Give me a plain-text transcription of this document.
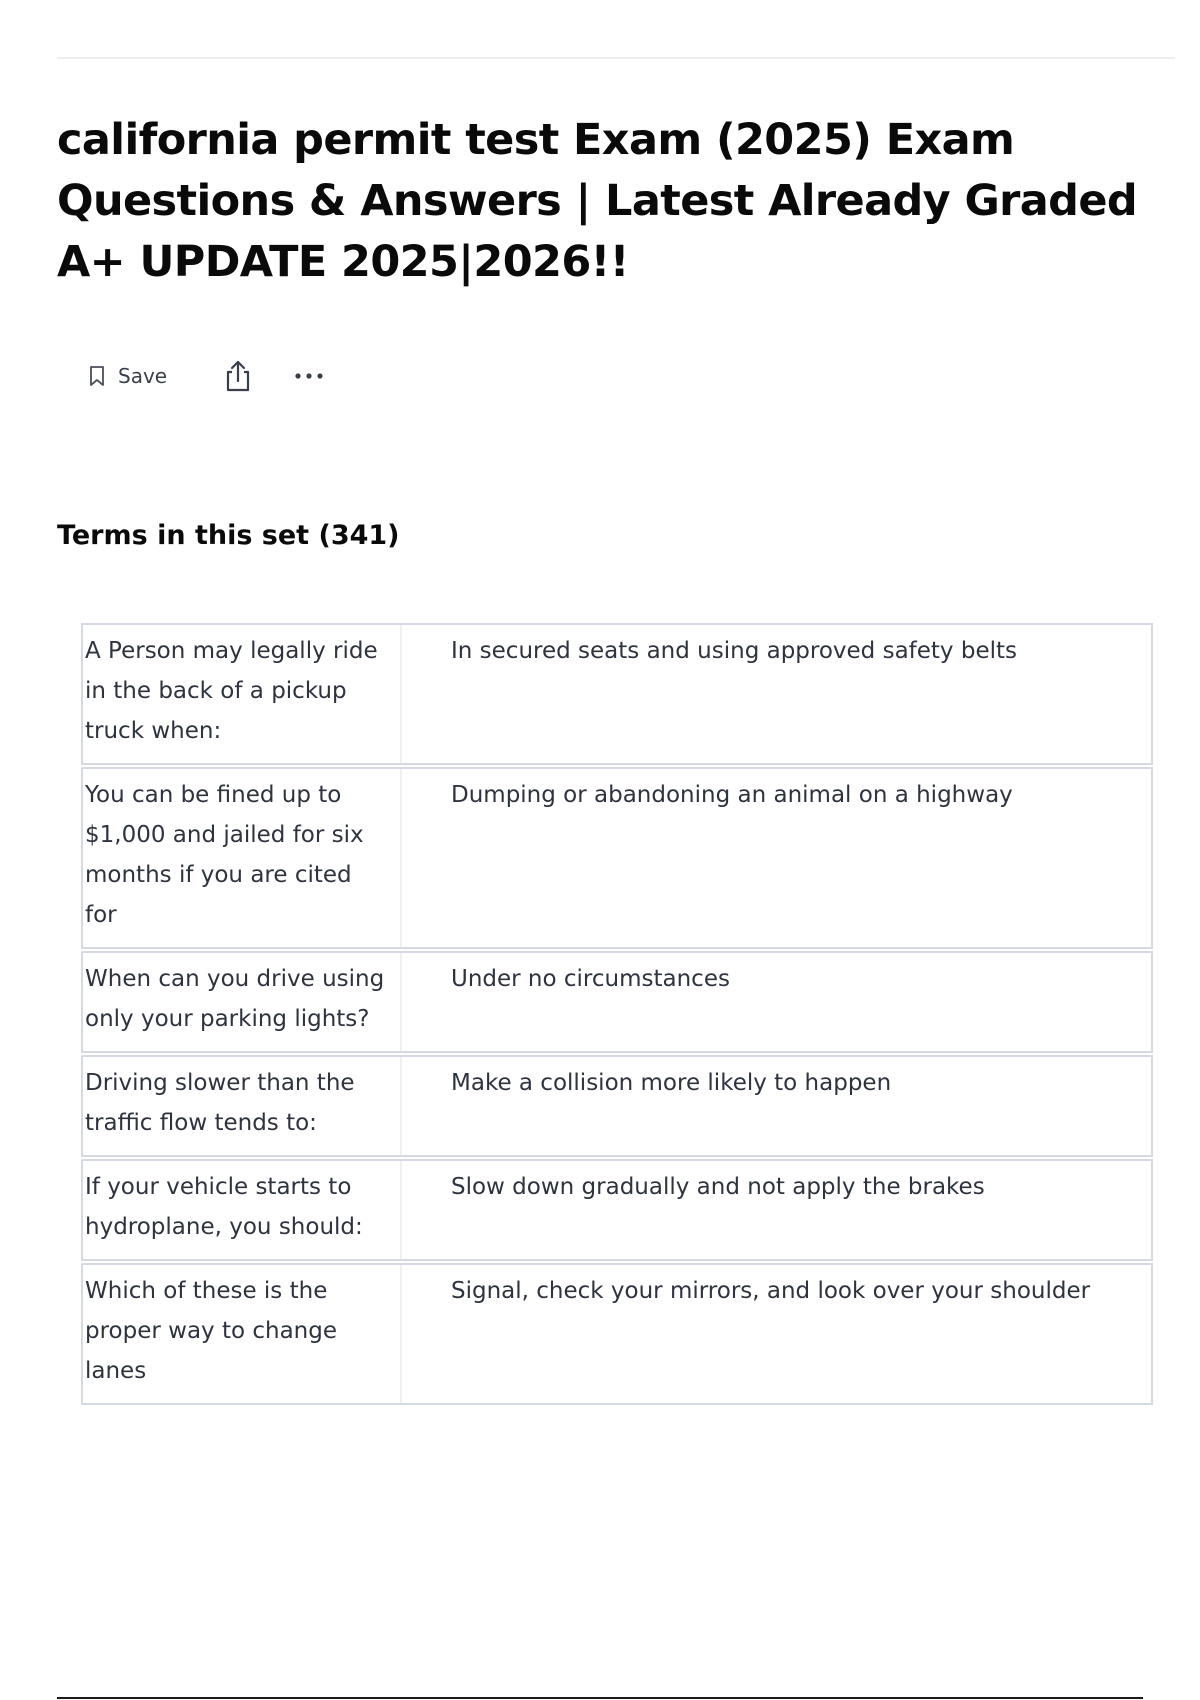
california permit test Exam (2025) Exam Questions & Answers | Latest Already Graded A+ UPDATE 2025|2026!!
Save
Terms in this set (341)
A Person may legally ride in the back of a pickup truck when:
In secured seats and using approved safety belts
You can be fined up to $1,000 and jailed for six months if you are cited for
Dumping or abandoning an animal on a highway
When can you drive using only your parking lights?
Under no circumstances
Driving slower than the traffic flow tends to:
Make a collision more likely to happen
If your vehicle starts to hydroplane, you should:
Slow down gradually and not apply the brakes
Which of these is the proper way to change lanes
Signal, check your mirrors, and look over your shoulder
